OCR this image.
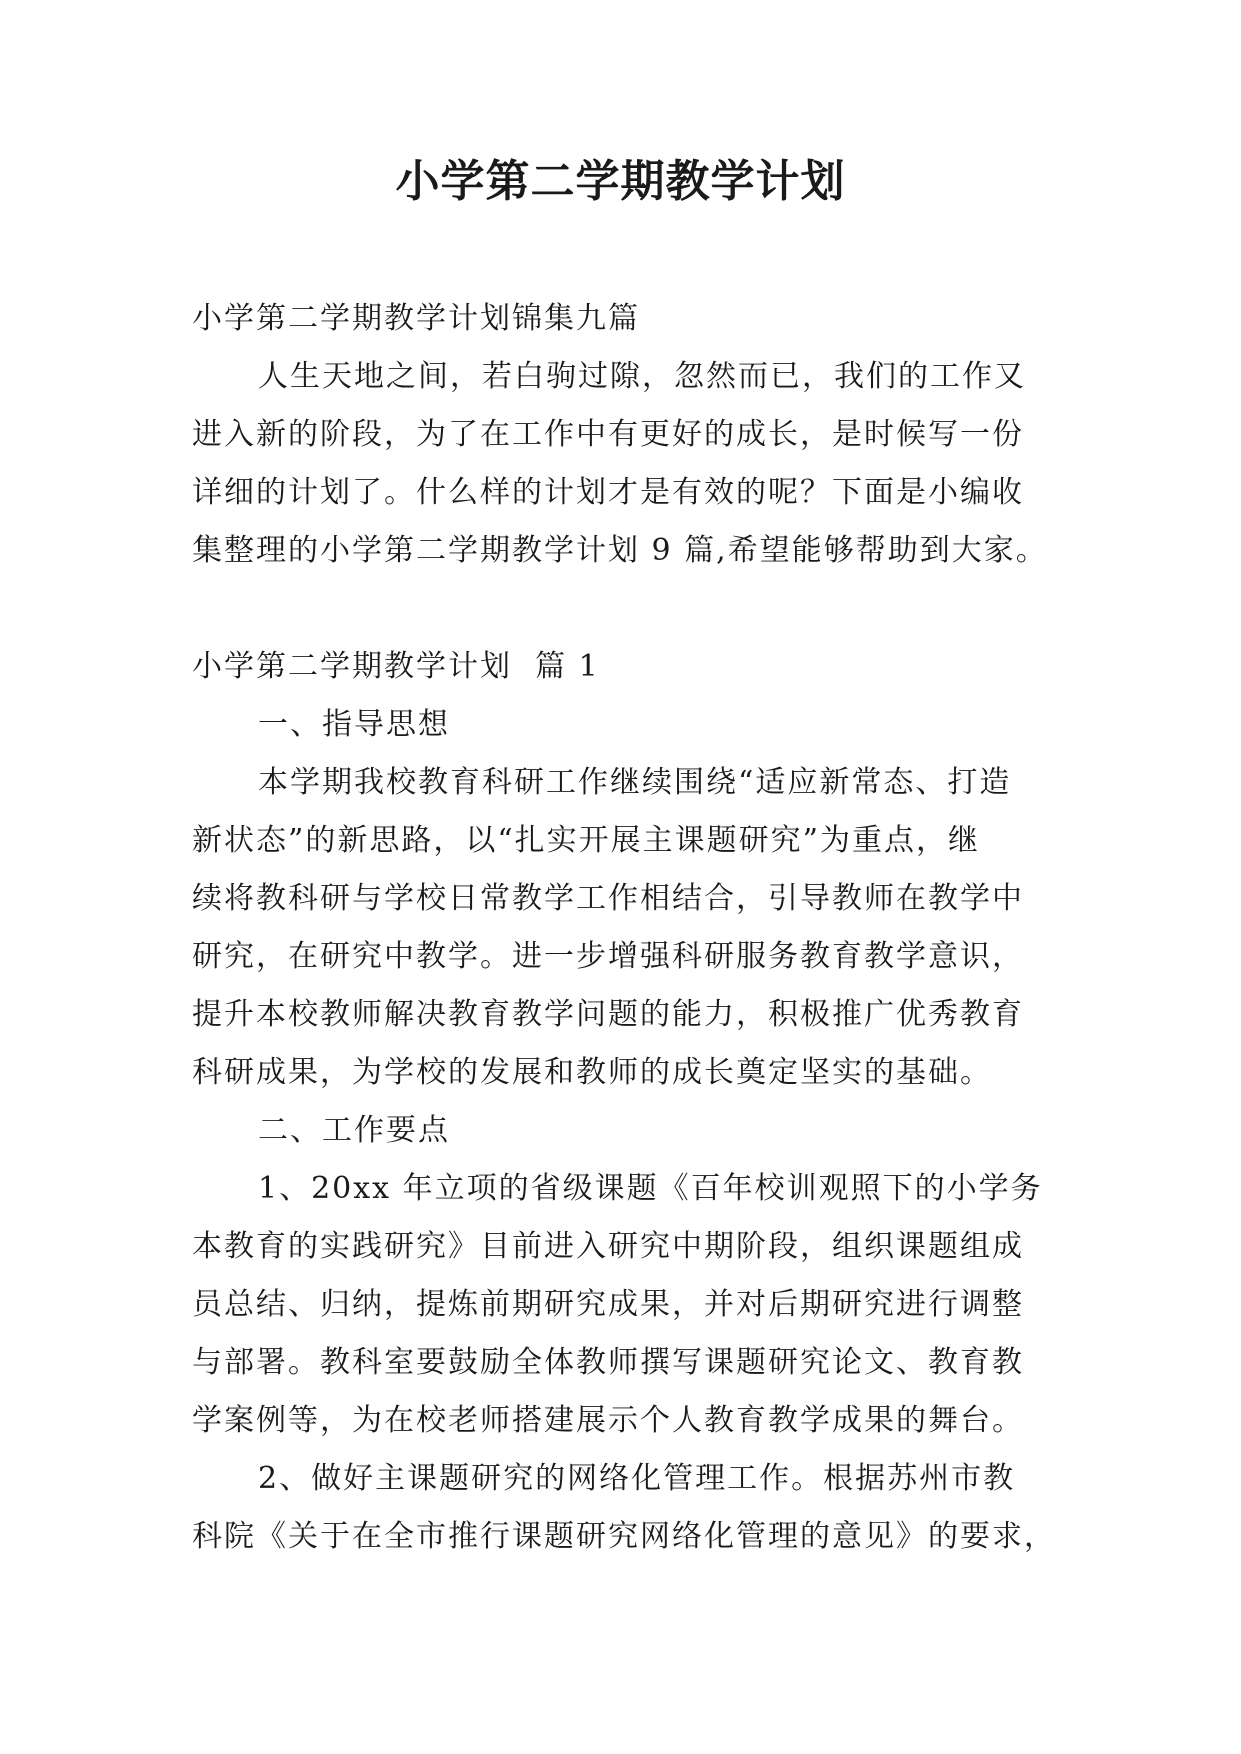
小学第二学期教学计划

小学第二学期教学计划锦集九篇

人生天地之间，若白驹过隙，忽然而已，我们的工作又

进入新的阶段，为了在工作中有更好的成长，是时候写一份

详细的计划了。什么样的计划才是有效的呢？下面是小编收

集整理的小学第二学期教学计划 9 篇,希望能够帮助到大家。

小学第二学期教学计划  篇 1

一、指导思想

本学期我校教育科研工作继续围绕“适应新常态、打造

新状态”的新思路，以“扎实开展主课题研究”为重点，继

续将教科研与学校日常教学工作相结合，引导教师在教学中

研究，在研究中教学。进一步增强科研服务教育教学意识，

提升本校教师解决教育教学问题的能力，积极推广优秀教育

科研成果，为学校的发展和教师的成长奠定坚实的基础。

二、工作要点

1、20xx 年立项的省级课题《百年校训观照下的小学务

本教育的实践研究》目前进入研究中期阶段，组织课题组成

员总结、归纳，提炼前期研究成果，并对后期研究进行调整

与部署。教科室要鼓励全体教师撰写课题研究论文、教育教

学案例等，为在校老师搭建展示个人教育教学成果的舞台。

2、做好主课题研究的网络化管理工作。根据苏州市教

科院《关于在全市推行课题研究网络化管理的意见》的要求，
